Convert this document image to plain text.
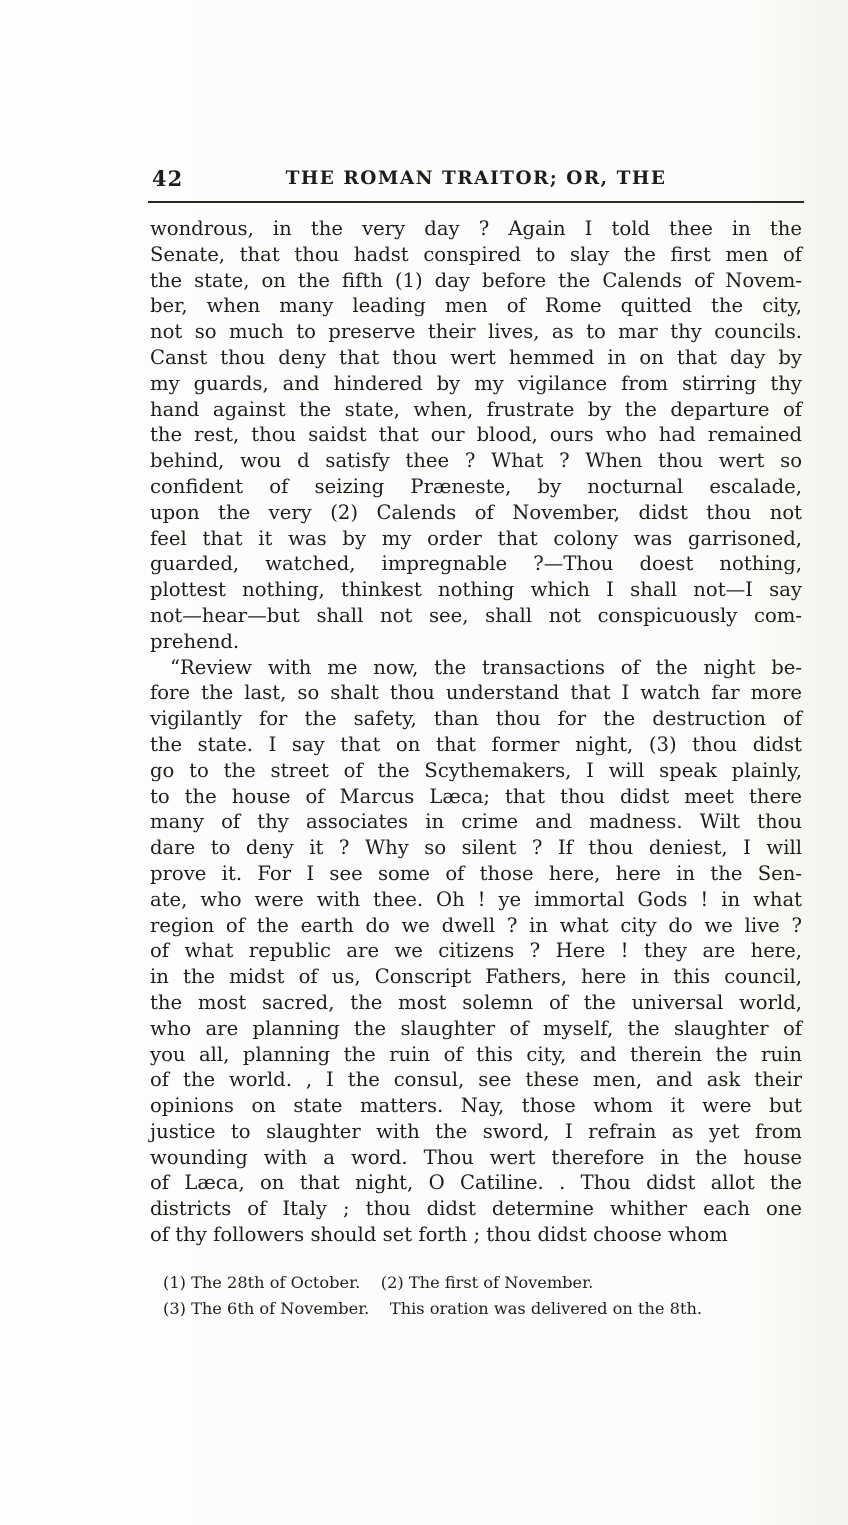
42	THE ROMAN TRAITOR; OR, THE
wondrous, in the very day ? Again I told thee in the
Senate, that thou hadst conspired to slay the first men of
the state, on the fifth (1) day before the Calends of Novem-
ber, when many leading men of Rome quitted the city,
not so much to preserve their lives, as to mar thy councils.
Canst thou deny that thou wert hemmed in on that day by
my guards, and hindered by my vigilance from stirring thy
hand against the state, when, frustrate by the departure of
the rest, thou saidst that our blood, ours who had remained
behind, wou d satisfy thee ? What ? When thou wert so
confident of seizing Præneste, by nocturnal escalade,
upon the very (2) Calends of November, didst thou not
feel that it was by my order that colony was garrisoned,
guarded, watched, impregnable ?—Thou doest nothing,
plottest nothing, thinkest nothing which I shall not—I say
not—hear—but shall not see, shall not conspicuously com-
prehend.
“Review with me now, the transactions of the night be-
fore the last, so shalt thou understand that I watch far more
vigilantly for the safety, than thou for the destruction of
the state. I say that on that former night, (3) thou didst
go to the street of the Scythemakers, I will speak plainly,
to the house of Marcus Læca; that thou didst meet there
many of thy associates in crime and madness. Wilt thou
dare to deny it ? Why so silent ? If thou deniest, I will
prove it. For I see some of those here, here in the Sen-
ate, who were with thee. Oh ! ye immortal Gods ! in what
region of the earth do we dwell ? in what city do we live ?
of what republic are we citizens ? Here ! they are here,
in the midst of us, Conscript Fathers, here in this council,
the most sacred, the most solemn of the universal world,
who are planning the slaughter of myself, the slaughter of
you all, planning the ruin of this city, and therein the ruin
of the world. , I the consul, see these men, and ask their
opinions on state matters. Nay, those whom it were but
justice to slaughter with the sword, I refrain as yet from
wounding with a word. Thou wert therefore in the house
of Læca, on that night, O Catiline. . Thou didst allot the
districts of Italy ; thou didst determine whither each one
of thy followers should set forth ; thou didst choose whom
(1) The 28th of October.    (2) The first of November.
(3) The 6th of November.    This oration was delivered on the 8th.
